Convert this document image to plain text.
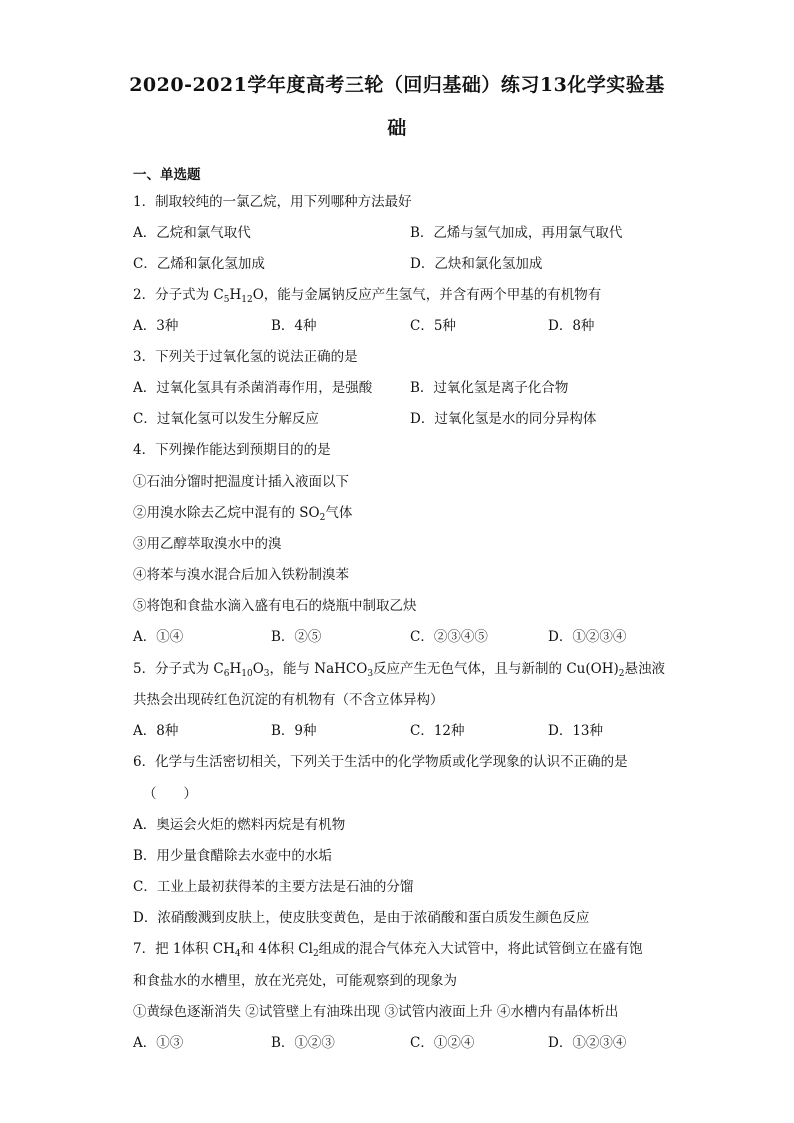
2020-2021学年度高考三轮（回归基础）练习13化学实验基
础
一、单选题
1．制取较纯的一氯乙烷，用下列哪种方法最好
A．乙烷和氯气取代	B．乙烯与氢气加成，再用氯气取代
C．乙烯和氯化氢加成	D．乙炔和氯化氢加成
2．分子式为 $C_5H_{12}O$，能与金属钠反应产生氢气，并含有两个甲基的有机物有
A．3种	B．4种	C．5种	D．8种
3．下列关于过氧化氢的说法正确的是
A．过氧化氢具有杀菌消毒作用，是强酸	B．过氧化氢是离子化合物
C．过氧化氢可以发生分解反应	D．过氧化氢是水的同分异构体
4．下列操作能达到预期目的的是
①石油分馏时把温度计插入液面以下
②用溴水除去乙烷中混有的 $SO_2$气体
③用乙醇萃取溴水中的溴
④将苯与溴水混合后加入铁粉制溴苯
⑤将饱和食盐水滴入盛有电石的烧瓶中制取乙炔
A．①④	B．②⑤	C．②③④⑤	D．①②③④
5．分子式为 $C_6H_{10}O_3$，能与 NaHCO$_3$反应产生无色气体，且与新制的 $Cu(OH)_2$悬浊液
共热会出现砖红色沉淀的有机物有（不含立体异构）
A．8种	B．9种	C．12种	D．13种
6．化学与生活密切相关，下列关于生活中的化学物质或化学现象的认识不正确的是
（　　）
A．奥运会火炬的燃料丙烷是有机物
B．用少量食醋除去水壶中的水垢
C．工业上最初获得苯的主要方法是石油的分馏
D．浓硝酸溅到皮肤上，使皮肤变黄色，是由于浓硝酸和蛋白质发生颜色反应
7．把 1体积 $CH_4$和 4体积 $Cl_2$组成的混合气体充入大试管中，将此试管倒立在盛有饱
和食盐水的水槽里，放在光亮处，可能观察到的现象为
①黄绿色逐渐消失 ②试管壁上有油珠出现 ③试管内液面上升 ④水槽内有晶体析出
A．①③	B．①②③	C．①②④	D．①②③④
